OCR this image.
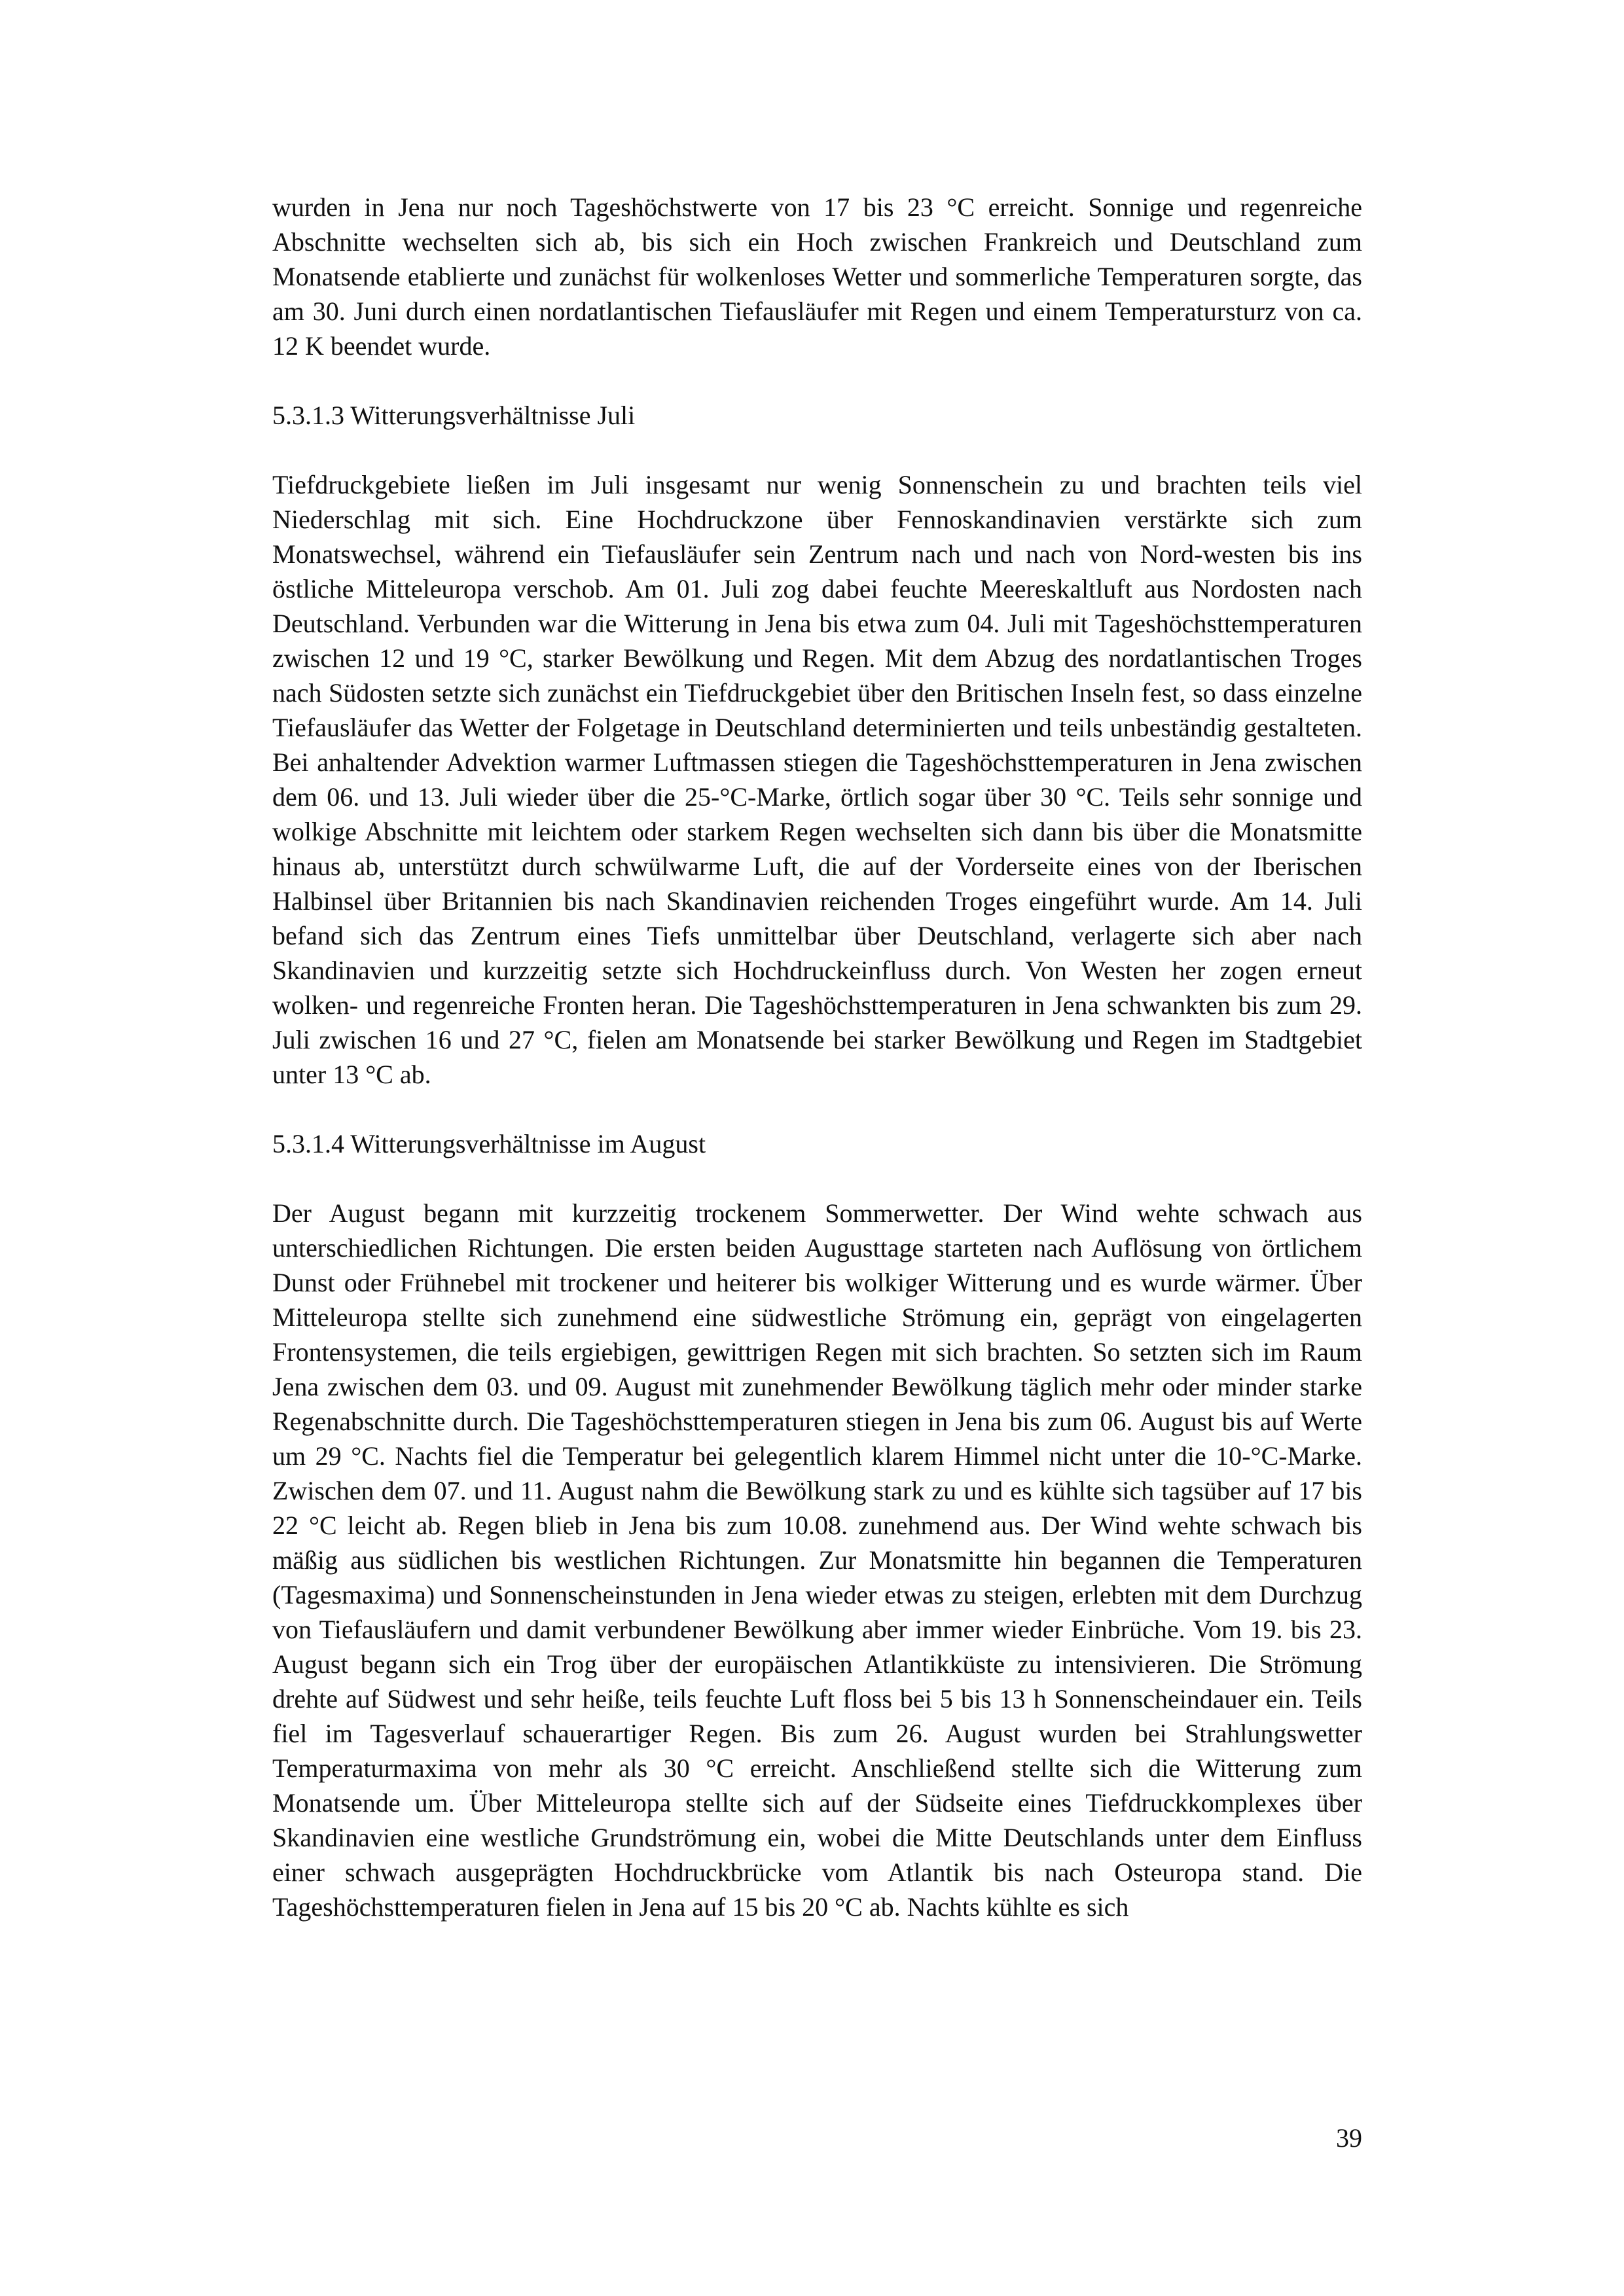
wurden in Jena nur noch Tageshöchstwerte von 17 bis 23 °C erreicht. Sonnige und regenreiche Abschnitte wechselten sich ab, bis sich ein Hoch zwischen Frankreich und Deutschland zum Monatsende etablierte und zunächst für wolkenloses Wetter und sommerliche Temperaturen sorgte, das am 30. Juni durch einen nordatlantischen Tiefausläufer mit Regen und einem Temperatursturz von ca. 12 K beendet wurde.

5.3.1.3 Witterungsverhältnisse Juli

Tiefdruckgebiete ließen im Juli insgesamt nur wenig Sonnenschein zu und brachten teils viel Niederschlag mit sich. Eine Hochdruckzone über Fennoskandinavien verstärkte sich zum Monatswechsel, während ein Tiefausläufer sein Zentrum nach und nach von Nord-westen bis ins östliche Mitteleuropa verschob. Am 01. Juli zog dabei feuchte Meereskaltluft aus Nordosten nach Deutschland. Verbunden war die Witterung in Jena bis etwa zum 04. Juli mit Tageshöchsttemperaturen zwischen 12 und 19 °C, starker Bewölkung und Regen. Mit dem Abzug des nordatlantischen Troges nach Südosten setzte sich zunächst ein Tiefdruckgebiet über den Britischen Inseln fest, so dass einzelne Tiefausläufer das Wetter der Folgetage in Deutschland determinierten und teils unbeständig gestalteten. Bei anhaltender Advektion warmer Luftmassen stiegen die Tageshöchsttemperaturen in Jena zwischen dem 06. und 13. Juli wieder über die 25-°C-Marke, örtlich sogar über 30 °C. Teils sehr sonnige und wolkige Abschnitte mit leichtem oder starkem Regen wechselten sich dann bis über die Monatsmitte hinaus ab, unterstützt durch schwülwarme Luft, die auf der Vorderseite eines von der Iberischen Halbinsel über Britannien bis nach Skandinavien reichenden Troges eingeführt wurde. Am 14. Juli befand sich das Zentrum eines Tiefs unmittelbar über Deutschland, verlagerte sich aber nach Skandinavien und kurzzeitig setzte sich Hochdruckeinfluss durch. Von Westen her zogen erneut wolken- und regenreiche Fronten heran. Die Tageshöchsttemperaturen in Jena schwankten bis zum 29. Juli zwischen 16 und 27 °C, fielen am Monatsende bei starker Bewölkung und Regen im Stadtgebiet unter 13 °C ab.

5.3.1.4 Witterungsverhältnisse im August

Der August begann mit kurzzeitig trockenem Sommerwetter. Der Wind wehte schwach aus unterschiedlichen Richtungen. Die ersten beiden Augusttage starteten nach Auflösung von örtlichem Dunst oder Frühnebel mit trockener und heiterer bis wolkiger Witterung und es wurde wärmer. Über Mitteleuropa stellte sich zunehmend eine südwestliche Strömung ein, geprägt von eingelagerten Frontensystemen, die teils ergiebigen, gewittrigen Regen mit sich brachten. So setzten sich im Raum Jena zwischen dem 03. und 09. August mit zunehmender Bewölkung täglich mehr oder minder starke Regenabschnitte durch. Die Tageshöchsttemperaturen stiegen in Jena bis zum 06. August bis auf Werte um 29 °C. Nachts fiel die Temperatur bei gelegentlich klarem Himmel nicht unter die 10-°C-Marke. Zwischen dem 07. und 11. August nahm die Bewölkung stark zu und es kühlte sich tagsüber auf 17 bis 22 °C leicht ab. Regen blieb in Jena bis zum 10.08. zunehmend aus. Der Wind wehte schwach bis mäßig aus südlichen bis westlichen Richtungen. Zur Monatsmitte hin begannen die Temperaturen (Tagesmaxima) und Sonnenscheinstunden in Jena wieder etwas zu steigen, erlebten mit dem Durchzug von Tiefausläufern und damit verbundener Bewölkung aber immer wieder Einbrüche. Vom 19. bis 23. August begann sich ein Trog über der europäischen Atlantikküste zu intensivieren. Die Strömung drehte auf Südwest und sehr heiße, teils feuchte Luft floss bei 5 bis 13 h Sonnenscheindauer ein. Teils fiel im Tagesverlauf schauerartiger Regen. Bis zum 26. August wurden bei Strahlungswetter Temperaturmaxima von mehr als 30 °C erreicht. Anschließend stellte sich die Witterung zum Monatsende um. Über Mitteleuropa stellte sich auf der Südseite eines Tiefdruckkomplexes über Skandinavien eine westliche Grundströmung ein, wobei die Mitte Deutschlands unter dem Einfluss einer schwach ausgeprägten Hochdruckbrücke vom Atlantik bis nach Osteuropa stand. Die Tageshöchsttemperaturen fielen in Jena auf 15 bis 20 °C ab. Nachts kühlte es sich

39
